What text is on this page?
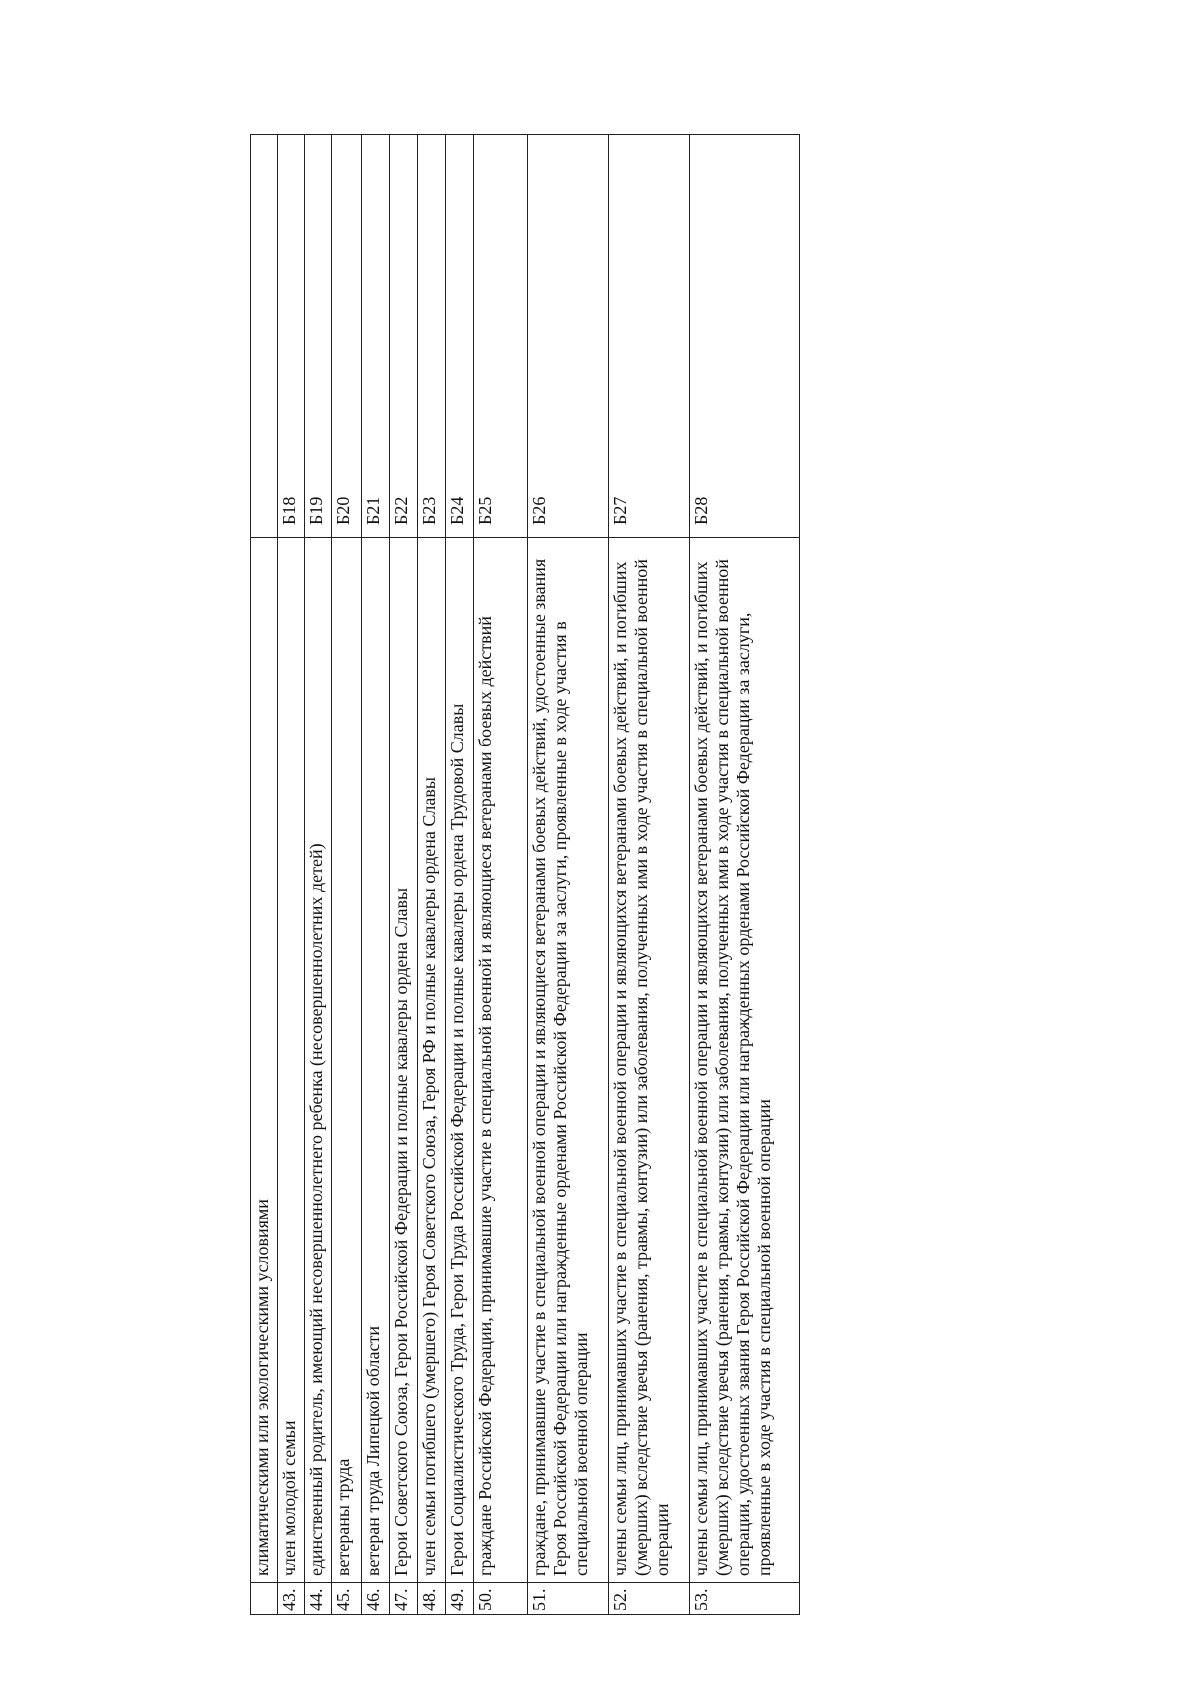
	климатическими или экологическими условиями	
43.	член молодой семьи	Б18
44.	единственный родитель, имеющий несовершеннолетнего ребенка (несовершеннолетних детей)	Б19
45.	ветераны труда	Б20
46.	ветеран труда Липецкой области	Б21
47.	Герои Советского Союза, Герои Российской Федерации и полные кавалеры ордена Славы	Б22
48.	член семьи погибшего (умершего) Героя Советского Союза, Героя РФ и полные кавалеры ордена Славы	Б23
49.	Герои Социалистического Труда, Герои Труда Российской Федерации и полные кавалеры ордена Трудовой Славы	Б24
50.	граждане Российской Федерации, принимавшие участие в специальной военной и являющиеся ветеранами боевых действий	Б25
51.	граждане, принимавшие участие в специальной военной операции и являющиеся ветеранами боевых действий, удостоенные звания Героя Российской Федерации или награжденные орденами Российской Федерации за заслуги, проявленные в ходе участия в специальной военной операции	Б26
52.	члены семьи лиц, принимавших участие в специальной военной операции и являющихся ветеранами боевых действий, и погибших (умерших) вследствие увечья (ранения, травмы, контузии) или заболевания, полученных ими в ходе участия в специальной военной операции	Б27
53.	члены семьи лиц, принимавших участие в специальной военной операции и являющихся ветеранами боевых действий, и погибших (умерших) вследствие увечья (ранения, травмы, контузии) или заболевания, полученных ими в ходе участия в специальной военной операции, удостоенных звания Героя Российской Федерации или награжденных орденами Российской Федерации за заслуги, проявленные в ходе участия в специальной военной операции	Б28
